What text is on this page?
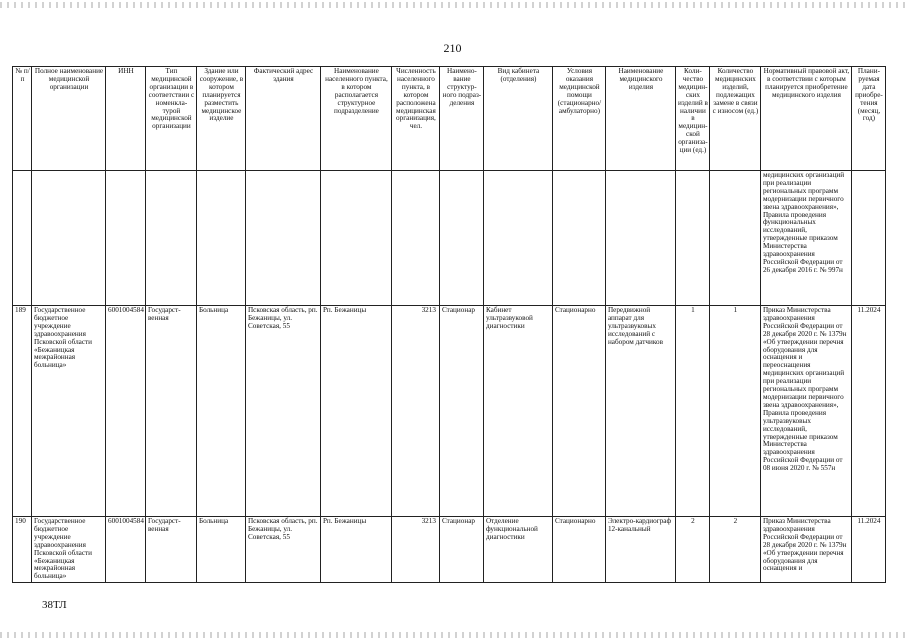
210
№ п/п	Полное наименование медицинской организации	ИНН	Тип медицинской организации в соответствии с номенкла-турой медицинской организации	Здание или сооружение, в котором планируется разместить медицинское изделие	Фактический адрес здания	Наименование населенного пункта, в котором располагается структурное подразделение	Численность населенного пункта, в котором расположена медицинская организация, чел.	Наимено-вание структур-ного подраз-деления	Вид кабинета (отделения)	Условия оказания медицинской помощи (стационарно/ амбулаторно)	Наименование медицинского изделия	Коли-чество медицин-ских изделий в наличии в медицин-ской организа-ции (ед.)	Количество медицинских изделий, подлежащих замене в связи с износом (ед.)	Нормативный правовой акт, в соответствии с которым планируется приобретение медицинского изделия	Плани-руемая дата приобре-тения (месяц, год)
														медицинских организаций при реализации региональных программ модернизации первичного звена здравоохранения», Правила проведения функциональных исследований, утвержденные приказом Министерства здравоохранения Российской Федерации от 26 декабря 2016 г. № 997н	
189	Государственное бюджетное учреждение здравоохранения Псковской области «Бежаницкая межрайонная больница»	6001004584	Государст-венная	Больница	Псковская область, рп. Бежаницы, ул. Советская, 55	Рп. Бежаницы	3213	Стационар	Кабинет ультразвуковой диагностики	Стационарно	Передвижной аппарат для ультразвуковых исследований с набором датчиков	1	1	Приказ Министерства здравоохранения Российской Федерации от 28 декабря 2020 г. № 1379н «Об утверждении перечня оборудования для оснащения и переоснащения медицинских организаций при реализации региональных программ модернизации первичного звена здравоохранения», Правила проведения ультразвуковых исследований, утвержденные приказом Министерства здравоохранения Российской Федерации от 08 июня 2020 г. № 557н	11.2024
190	Государственное бюджетное учреждение здравоохранения Псковской области «Бежаницкая межрайонная больница»	6001004584	Государст-венная	Больница	Псковская область, рп. Бежаницы, ул. Советская, 55	Рп. Бежаницы	3213	Стационар	Отделение функциональной диагностики	Стационарно	Электро-кардиограф 12-канальный	2	2	Приказ Министерства здравоохранения Российской Федерации от 28 декабря 2020 г. № 1379н «Об утверждении перечня оборудования для оснащения и	11.2024
38ТЛ
